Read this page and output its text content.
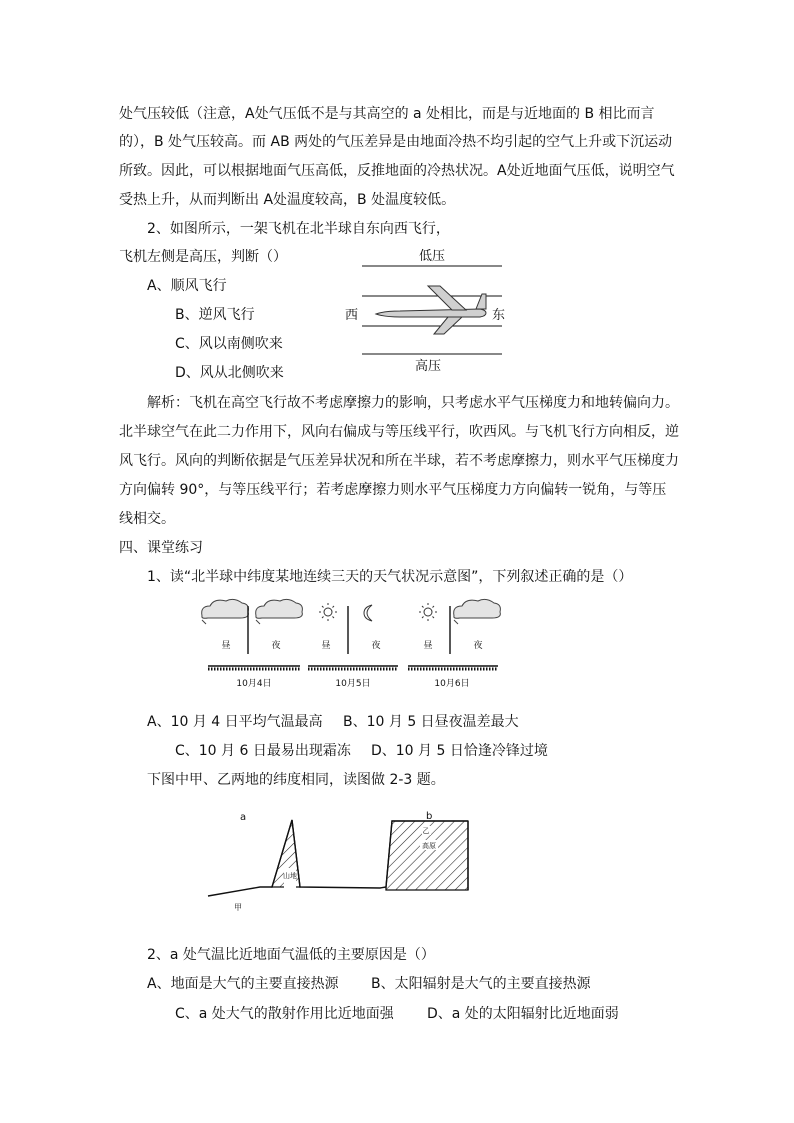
处气压较低（注意，A处气压低不是与其高空的 a 处相比，而是与近地面的 B 相比而言
的），B 处气压较高。而 AB 两处的气压差异是由地面冷热不均引起的空气上升或下沉运动
所致。因此，可以根据地面气压高低，反推地面的冷热状况。A处近地面气压低，说明空气
受热上升，从而判断出 A处温度较高，B 处温度较低。
2、如图所示，一架飞机在北半球自东向西飞行，
飞机左侧是高压，判断（）
A、顺风飞行
B、逆风飞行
C、风以南侧吹来
D、风从北侧吹来
低压
高压
西	东
解析：飞机在高空飞行故不考虑摩擦力的影响，只考虑水平气压梯度力和地转偏向力。
北半球空气在此二力作用下，风向右偏成与等压线平行，吹西风。与飞机飞行方向相反，逆
风飞行。风向的判断依据是气压差异状况和所在半球，若不考虑摩擦力，则水平气压梯度力
方向偏转 90°，与等压线平行；若考虑摩擦力则水平气压梯度力方向偏转一锐角，与等压
线相交。
四、课堂练习
1、读“北半球中纬度某地连续三天的天气状况示意图”，下列叙述正确的是（）
昼	夜
10月4日
昼	夜
10月5日
昼	夜
10月6日
A、10 月 4 日平均气温最高 B、10 月 5 日昼夜温差最大
C、10 月 6 日最易出现霜冻 D、10 月 5 日恰逢冷锋过境
下图中甲、乙两地的纬度相同，读图做 2-3 题。
山地
高原
乙
a	b
甲
2、a 处气温比近地面气温低的主要原因是（）
A、地面是大气的主要直接热源 B、太阳辐射是大气的主要直接热源
C、a 处大气的散射作用比近地面强 D、a 处的太阳辐射比近地面弱
